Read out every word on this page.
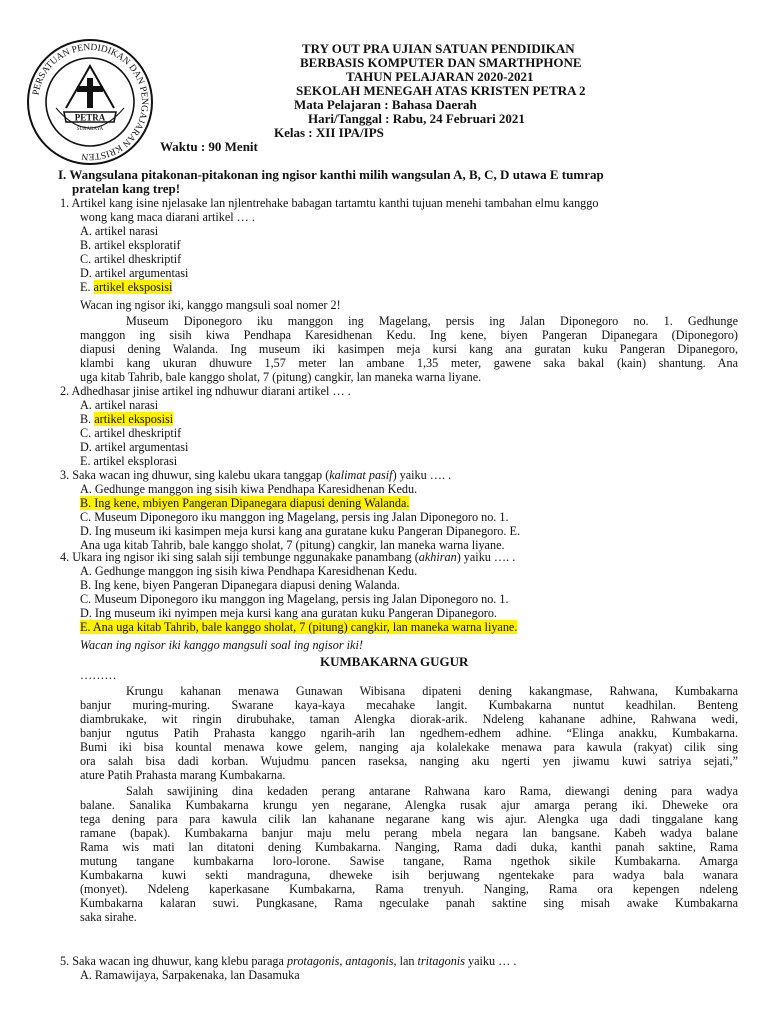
PERSATUAN PENDIDIKAN DAN PENGAJARAN KRISTEN
PETRA
SURABAYA
TRY OUT PRA UJIAN SATUAN PENDIDIKAN
BERBASIS KOMPUTER DAN SMARTHPHONE
TAHUN PELAJARAN 2020-2021
SEKOLAH MENEGAH ATAS KRISTEN PETRA 2
Mata Pelajaran : Bahasa Daerah
Hari/Tanggal : Rabu, 24 Februari 2021
Kelas : XII IPA/IPS
Waktu : 90 Menit
I. Wangsulana pitakonan-pitakonan ing ngisor kanthi milih wangsulan A, B, C, D utawa E tumrap
pratelan kang trep!
1. Artikel kang isine njelasake lan njlentrehake babagan tartamtu kanthi tujuan menehi tambahan elmu kanggo
wong kang maca diarani artikel … .
A. artikel narasi
B. artikel eksploratif
C. artikel dheskriptif
D. artikel argumentasi
E. artikel eksposisi
Wacan ing ngisor iki, kanggo mangsuli soal nomer 2!
Museum Diponegoro iku manggon ing Magelang, persis ing Jalan Diponegoro no. 1. Gedhunge
manggon ing sisih kiwa Pendhapa Karesidhenan Kedu. Ing kene, biyen Pangeran Dipanegara (Diponegoro)
diapusi dening Walanda. Ing museum iki kasimpen meja kursi kang ana guratan kuku Pangeran Dipanegoro,
klambi kang ukuran dhuwure 1,57 meter lan ambane 1,35 meter, gawene saka bakal (kain) shantung. Ana
uga kitab Tahrib, bale kanggo sholat, 7 (pitung) cangkir, lan maneka warna liyane.
2. Adhedhasar jinise artikel ing ndhuwur diarani artikel … .
A. artikel narasi
B. artikel eksposisi
C. artikel dheskriptif
D. artikel argumentasi
E. artikel eksplorasi
3. Saka wacan ing dhuwur, sing kalebu ukara tanggap (kalimat pasif) yaiku …. .
A. Gedhunge manggon ing sisih kiwa Pendhapa Karesidhenan Kedu.
B. Ing kene, mbiyen Pangeran Dipanegara diapusi dening Walanda.
C. Museum Diponegoro iku manggon ing Magelang, persis ing Jalan Diponegoro no. 1.
D. Ing museum iki kasimpen meja kursi kang ana guratane kuku Pangeran Dipanegoro. E.
Ana uga kitab Tahrib, bale kanggo sholat, 7 (pitung) cangkir, lan maneka warna liyane.
4. Ukara ing ngisor iki sing salah siji tembunge nggunakake panambang (akhiran) yaiku …. .
A. Gedhunge manggon ing sisih kiwa Pendhapa Karesidhenan Kedu.
B. Ing kene, biyen Pangeran Dipanegara diapusi dening Walanda.
C. Museum Diponegoro iku manggon ing Magelang, persis ing Jalan Diponegoro no. 1.
D. Ing museum iki nyimpen meja kursi kang ana guratan kuku Pangeran Dipanegoro.
E. Ana uga kitab Tahrib, bale kanggo sholat, 7 (pitung) cangkir, lan maneka warna liyane.
Wacan ing ngisor iki kanggo mangsuli soal ing ngisor iki!
KUMBAKARNA GUGUR
………
Krungu kahanan menawa Gunawan Wibisana dipateni dening kakangmase, Rahwana, Kumbakarna
banjur muring-muring. Swarane kaya-kaya mecahake langit. Kumbakarna nuntut keadhilan. Benteng
diambrukake, wit ringin dirubuhake, taman Alengka diorak-arik. Ndeleng kahanane adhine, Rahwana wedi,
banjur ngutus Patih Prahasta kanggo ngarih-arih lan ngedhem-edhem adhine. “Elinga anakku, Kumbakarna.
Bumi iki bisa kountal menawa kowe gelem, nanging aja kolalekake menawa para kawula (rakyat) cilik sing
ora salah bisa dadi korban. Wujudmu pancen raseksa, nanging aku ngerti yen jiwamu kuwi satriya sejati,”
ature Patih Prahasta marang Kumbakarna.
Salah sawijining dina kedaden perang antarane Rahwana karo Rama, diewangi dening para wadya
balane. Sanalika Kumbakarna krungu yen negarane, Alengka rusak ajur amarga perang iki. Dheweke ora
tega dening para para kawula cilik lan kahanane negarane kang wis ajur. Alengka uga dadi tinggalane kang
ramane (bapak). Kumbakarna banjur maju melu perang mbela negara lan bangsane. Kabeh wadya balane
Rama wis mati lan ditatoni dening Kumbakarna. Nanging, Rama dadi duka, kanthi panah saktine, Rama
mutung tangane kumbakarna loro-lorone. Sawise tangane, Rama ngethok sikile Kumbakarna. Amarga
Kumbakarna kuwi sekti mandraguna, dheweke isih berjuwang ngentekake para wadya bala wanara
(monyet). Ndeleng kaperkasane Kumbakarna, Rama trenyuh. Nanging, Rama ora kepengen ndeleng
Kumbakarna kalaran suwi. Pungkasane, Rama ngeculake panah saktine sing misah awake Kumbakarna
saka sirahe.
5. Saka wacan ing dhuwur, kang klebu paraga protagonis, antagonis, lan tritagonis yaiku … .
A. Ramawijaya, Sarpakenaka, lan Dasamuka
